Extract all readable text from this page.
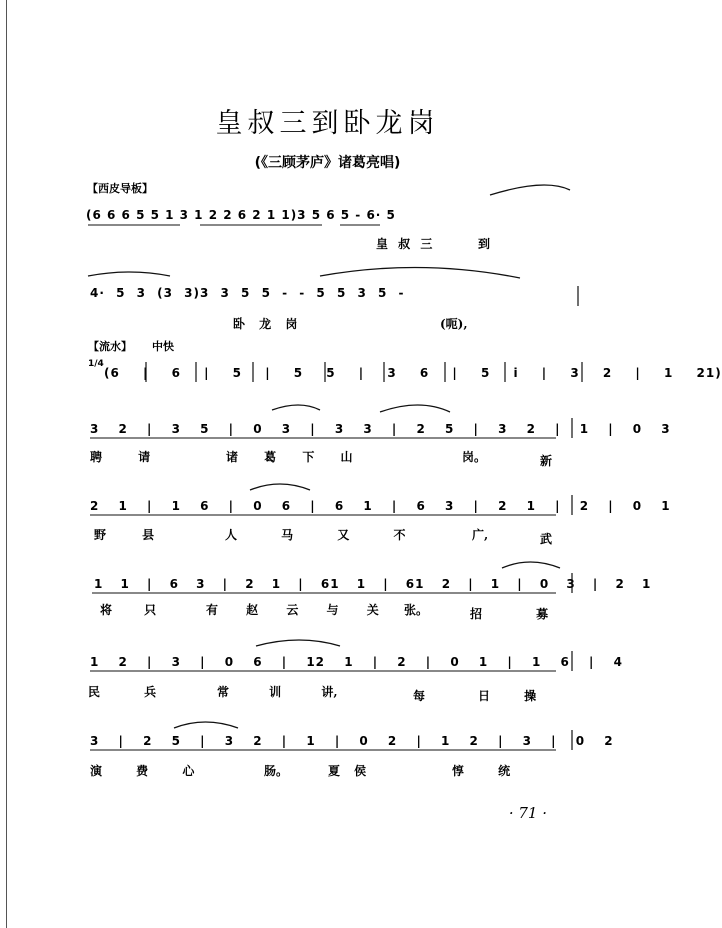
皇叔三到卧龙岗
(《三顾茅庐》诸葛亮唱)
【西皮导板】
(6 6 6 5 5 1 3 1 2 2 6 2 1 1)3 5 6 5 - 6· 5
皇 叔 三	到
4· 5 3 (3 3)3 3 5 5 - - 5 5 3 5 -
卧 龙 岗	(呃),
【流水】 中快
1/4
(6 | 6 | 5 | 5 5 | 3 6 | 5 i | 3 2 | 1 21)
3 2 | 3 5 | 0 3 | 3 3 | 2 5 | 3 2 | 1 | 0 3
聘 请	诸 葛 下 山	岗。	新
2 1 | 1 6 | 0 6 | 6 1 | 6 3 | 2 1 | 2 | 0 1
野 县	人 马 又 不	广,	武
1 1 | 6 3 | 2 1 | 61 1 | 61 2 | 1 | 0 3 | 2 1
将 只	有 赵 云 与 关 张。	招 募
1 2 | 3 | 0 6 | 12 1 | 2 | 0 1 | 1 6 | 4
民 兵	常 训 讲,	每	日 操
3 | 2 5 | 3 2 | 1 | 0 2 | 1 2 | 3 | 0 2
演 费 心	肠。	夏 侯	惇 统
· 71 ·
